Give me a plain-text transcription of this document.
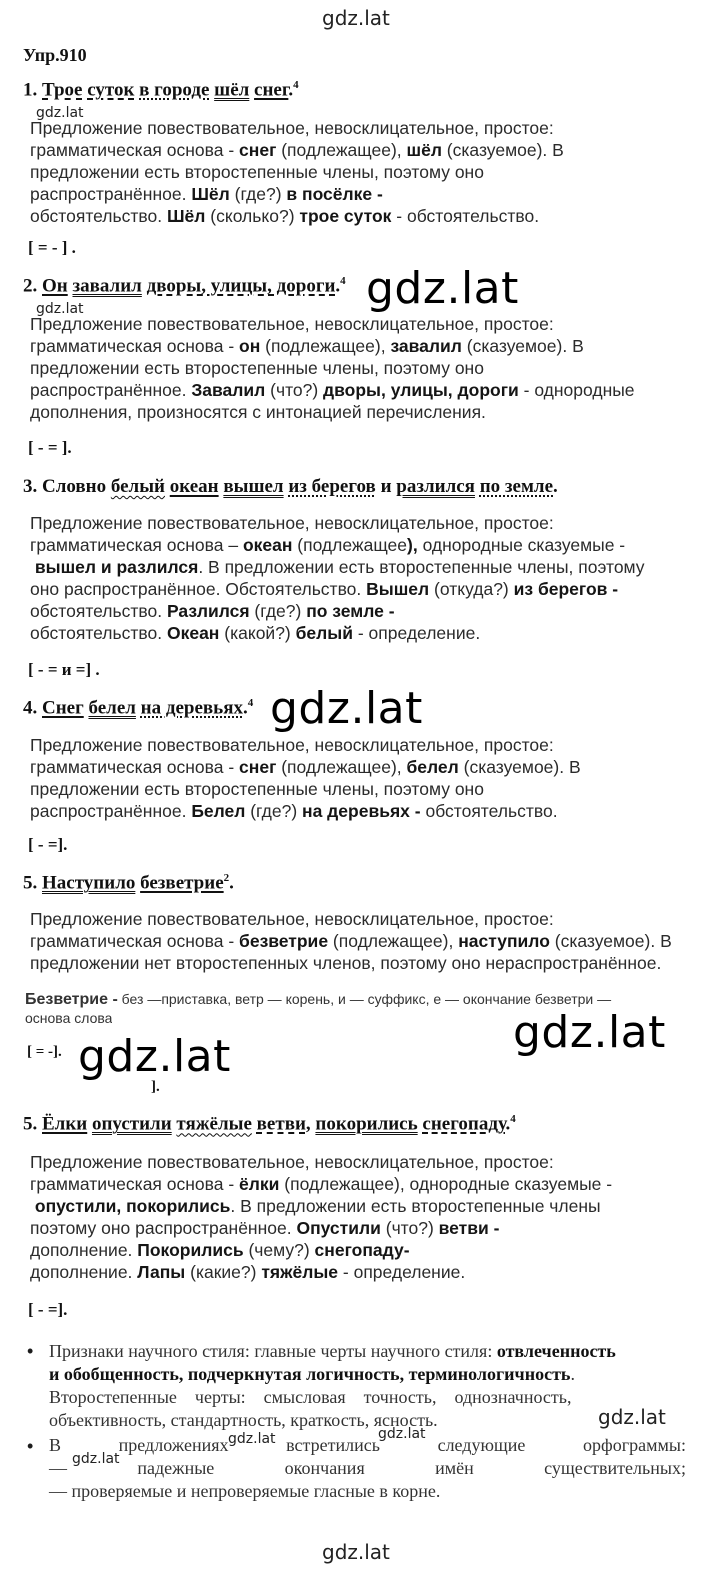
gdz.lat
Упр.910
1. Трое суток в городе шёл снег.$^4$
gdz.lat
Предложение повествовательное, невосклицательное, простое:
грамматическая основа - снег (подлежащее), шёл (сказуемое). В
предложении есть второстепенные члены, поэтому оно
распространённое. Шёл (где?) в посёлке -
обстоятельство. Шёл (сколько?) трое суток - обстоятельство.
[ = - ] .
2. Он завалил дворы, улицы, дороги.$^4$ gdz.lat
gdz.lat
Предложение повествовательное, невосклицательное, простое:
грамматическая основа - он (подлежащее), завалил (сказуемое). В
предложении есть второстепенные члены, поэтому оно
распространённое. Завалил (что?) дворы, улицы, дороги - однородные
дополнения, произносятся с интонацией перечисления.
[ - = ].
3. Словно белый океан вышел из берегов и разлился по земле.
Предложение повествовательное, невосклицательное, простое:
грамматическая основа – океан (подлежащее), однородные сказуемые -
вышел и разлился. В предложении есть второстепенные члены, поэтому
оно распространённое. Обстоятельство. Вышел (откуда?) из берегов -
обстоятельство. Разлился (где?) по земле -
обстоятельство. Океан (какой?) белый - определение.
[ - = и =] .
4. Снег белел на деревьях.$^4$ gdz.lat
Предложение повествовательное, невосклицательное, простое:
грамматическая основа - снег (подлежащее), белел (сказуемое). В
предложении есть второстепенные члены, поэтому оно
распространённое. Белел (где?) на деревьях - обстоятельство.
[ - =].
5. Наступило безветрие$^2$.
Предложение повествовательное, невосклицательное, простое:
грамматическая основа - безветрие (подлежащее), наступило (сказуемое). В
предложении нет второстепенных членов, поэтому оно нераспространённое.
Безветрие - без —приставка, ветр — корень, и — суффикс, е — окончание безветри —
основа слова	gdz.lat
[ = -]. gdz.lat
].
5. Ёлки опустили тяжёлые ветви, покорились снегопаду.$^4$
Предложение повествовательное, невосклицательное, простое:
грамматическая основа - ёлки (подлежащее), однородные сказуемые -
опустили, покорились. В предложении есть второстепенные члены
поэтому оно распространённое. Опустили (что?) ветви -
дополнение. Покорились (чему?) снегопаду-
дополнение. Лапы (какие?) тяжёлые - определение.
[ - =].
• Признаки научного стиля: главные черты научного стиля: отвлеченность
и обобщенность, подчеркнутая логичность, терминологичность.
Второстепенные    черты:    смысловая    точность,    однозначность,
объективность, стандартность, краткость, ясность.	gdz.lat
• В	предложениях	встретились	следующие	орфограммы:
—	падежные	окончания	имён	существительных;
— проверяемые и непроверяемые гласные в корне.
gdz.lat	gdz.lat
gdz.lat
gdz.lat
